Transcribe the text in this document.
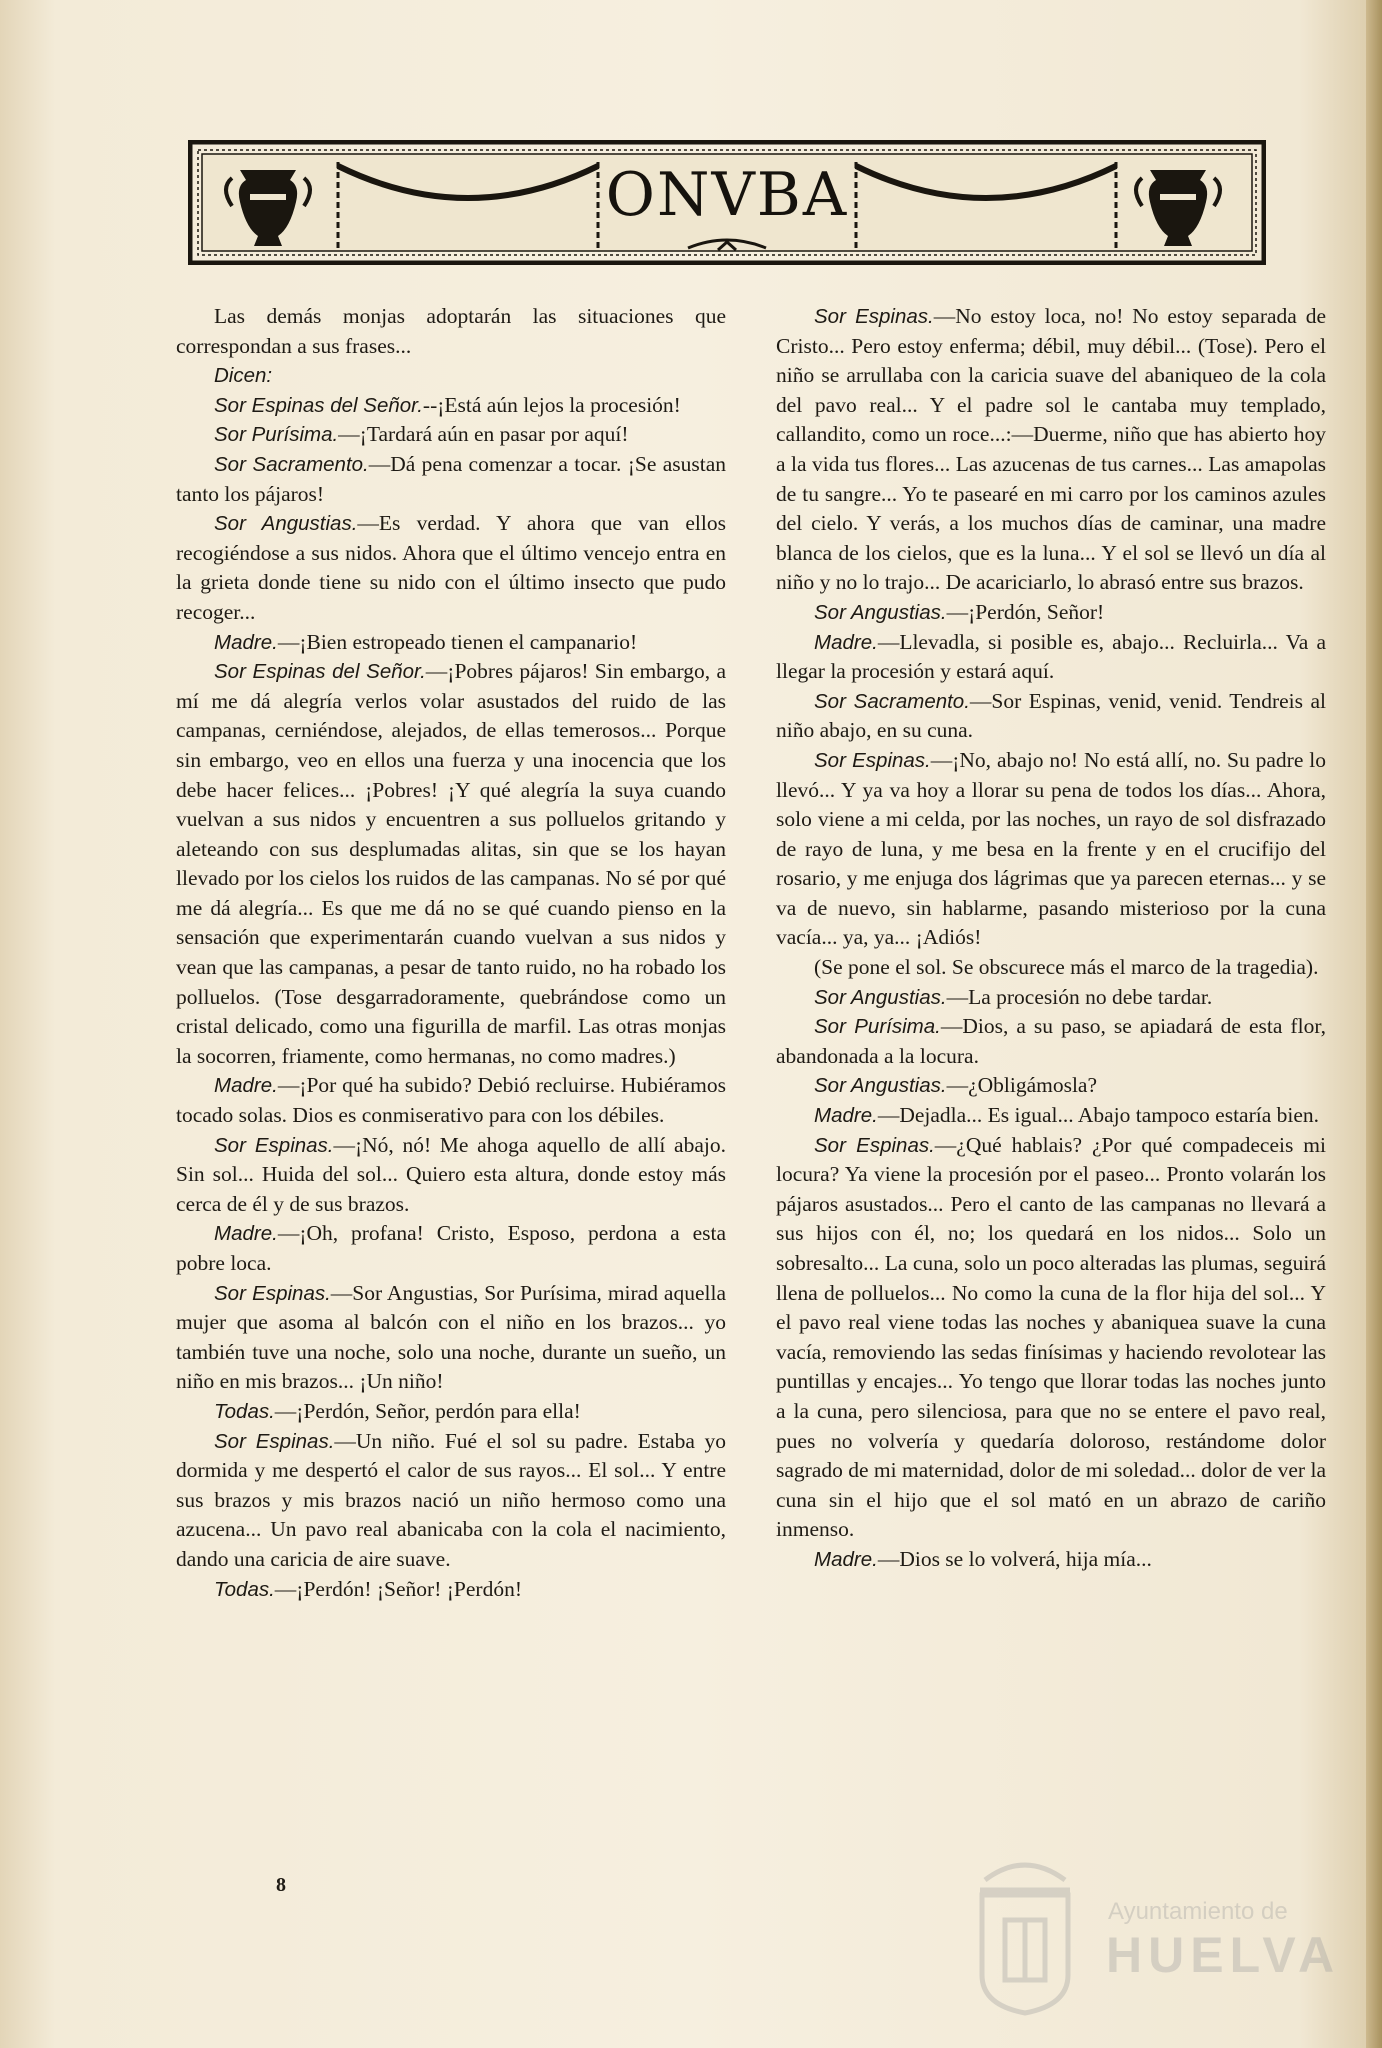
ONVBA

Las demás monjas adoptarán las situaciones que correspondan a sus frases...

Dicen:

Sor Espinas del Señor.--¡Está aún lejos la procesión!

Sor Purísima.—¡Tardará aún en pasar por aquí!

Sor Sacramento.—Dá pena comenzar a tocar. ¡Se asustan tanto los pájaros!

Sor Angustias.—Es verdad. Y ahora que van ellos recogiéndose a sus nidos. Ahora que el último vencejo entra en la grieta donde tiene su nido con el último insecto que pudo recoger...

Madre.—¡Bien estropeado tienen el campanario!

Sor Espinas del Señor.—¡Pobres pájaros! Sin embargo, a mí me dá alegría verlos volar asustados del ruido de las campanas, cerniéndose, alejados, de ellas temerosos... Porque sin embargo, veo en ellos una fuerza y una inocencia que los debe hacer felices... ¡Pobres! ¡Y qué alegría la suya cuando vuelvan a sus nidos y encuentren a sus polluelos gritando y aleteando con sus desplumadas alitas, sin que se los hayan llevado por los cielos los ruidos de las campanas. No sé por qué me dá alegría... Es que me dá no se qué cuando pienso en la sensación que experimentarán cuando vuelvan a sus nidos y vean que las campanas, a pesar de tanto ruido, no ha robado los polluelos. (Tose desgarradoramente, quebrándose como un cristal delicado, como una figurilla de marfil. Las otras monjas la socorren, friamente, como hermanas, no como madres.)

Madre.—¡Por qué ha subido? Debió recluirse. Hubiéramos tocado solas. Dios es conmiserativo para con los débiles.

Sor Espinas.—¡Nó, nó! Me ahoga aquello de allí abajo. Sin sol... Huida del sol... Quiero esta altura, donde estoy más cerca de él y de sus brazos.

Madre.—¡Oh, profana! Cristo, Esposo, perdona a esta pobre loca.

Sor Espinas.—Sor Angustias, Sor Purísima, mirad aquella mujer que asoma al balcón con el niño en los brazos... yo también tuve una noche, solo una noche, durante un sueño, un niño en mis brazos... ¡Un niño!

Todas.—¡Perdón, Señor, perdón para ella!

Sor Espinas.—Un niño. Fué el sol su padre. Estaba yo dormida y me despertó el calor de sus rayos... El sol... Y entre sus brazos y mis brazos nació un niño hermoso como una azucena... Un pavo real abanicaba con la cola el nacimiento, dando una caricia de aire suave.

Todas.—¡Perdón! ¡Señor! ¡Perdón!

Sor Espinas.—No estoy loca, no! No estoy separada de Cristo... Pero estoy enferma; débil, muy débil... (Tose). Pero el niño se arrullaba con la caricia suave del abaniqueo de la cola del pavo real... Y el padre sol le cantaba muy templado, callandito, como un roce...:—Duerme, niño que has abierto hoy a la vida tus flores... Las azucenas de tus carnes... Las amapolas de tu sangre... Yo te pasearé en mi carro por los caminos azules del cielo. Y verás, a los muchos días de caminar, una madre blanca de los cielos, que es la luna... Y el sol se llevó un día al niño y no lo trajo... De acariciarlo, lo abrasó entre sus brazos.

Sor Angustias.—¡Perdón, Señor!

Madre.—Llevadla, si posible es, abajo... Recluirla... Va a llegar la procesión y estará aquí.

Sor Sacramento.—Sor Espinas, venid, venid. Tendreis al niño abajo, en su cuna.

Sor Espinas.—¡No, abajo no! No está allí, no. Su padre lo llevó... Y ya va hoy a llorar su pena de todos los días... Ahora, solo viene a mi celda, por las noches, un rayo de sol disfrazado de rayo de luna, y me besa en la frente y en el crucifijo del rosario, y me enjuga dos lágrimas que ya parecen eternas... y se va de nuevo, sin hablarme, pasando misterioso por la cuna vacía... ya, ya... ¡Adiós!

(Se pone el sol. Se obscurece más el marco de la tragedia).

Sor Angustias.—La procesión no debe tardar.

Sor Purísima.—Dios, a su paso, se apiadará de esta flor, abandonada a la locura.

Sor Angustias.—¿Obligámosla?

Madre.—Dejadla... Es igual... Abajo tampoco estaría bien.

Sor Espinas.—¿Qué hablais? ¿Por qué compadeceis mi locura? Ya viene la procesión por el paseo... Pronto volarán los pájaros asustados... Pero el canto de las campanas no llevará a sus hijos con él, no; los quedará en los nidos... Solo un sobresalto... La cuna, solo un poco alteradas las plumas, seguirá llena de polluelos... No como la cuna de la flor hija del sol... Y el pavo real viene todas las noches y abaniquea suave la cuna vacía, removiendo las sedas finísimas y haciendo revolotear las puntillas y encajes... Yo tengo que llorar todas las noches junto a la cuna, pero silenciosa, para que no se entere el pavo real, pues no volvería y quedaría doloroso, restándome dolor sagrado de mi maternidad, dolor de mi soledad... dolor de ver la cuna sin el hijo que el sol mató en un abrazo de cariño inmenso.

Madre.—Dios se lo volverá, hija mía...

8
Ayuntamiento de
HUELVA
